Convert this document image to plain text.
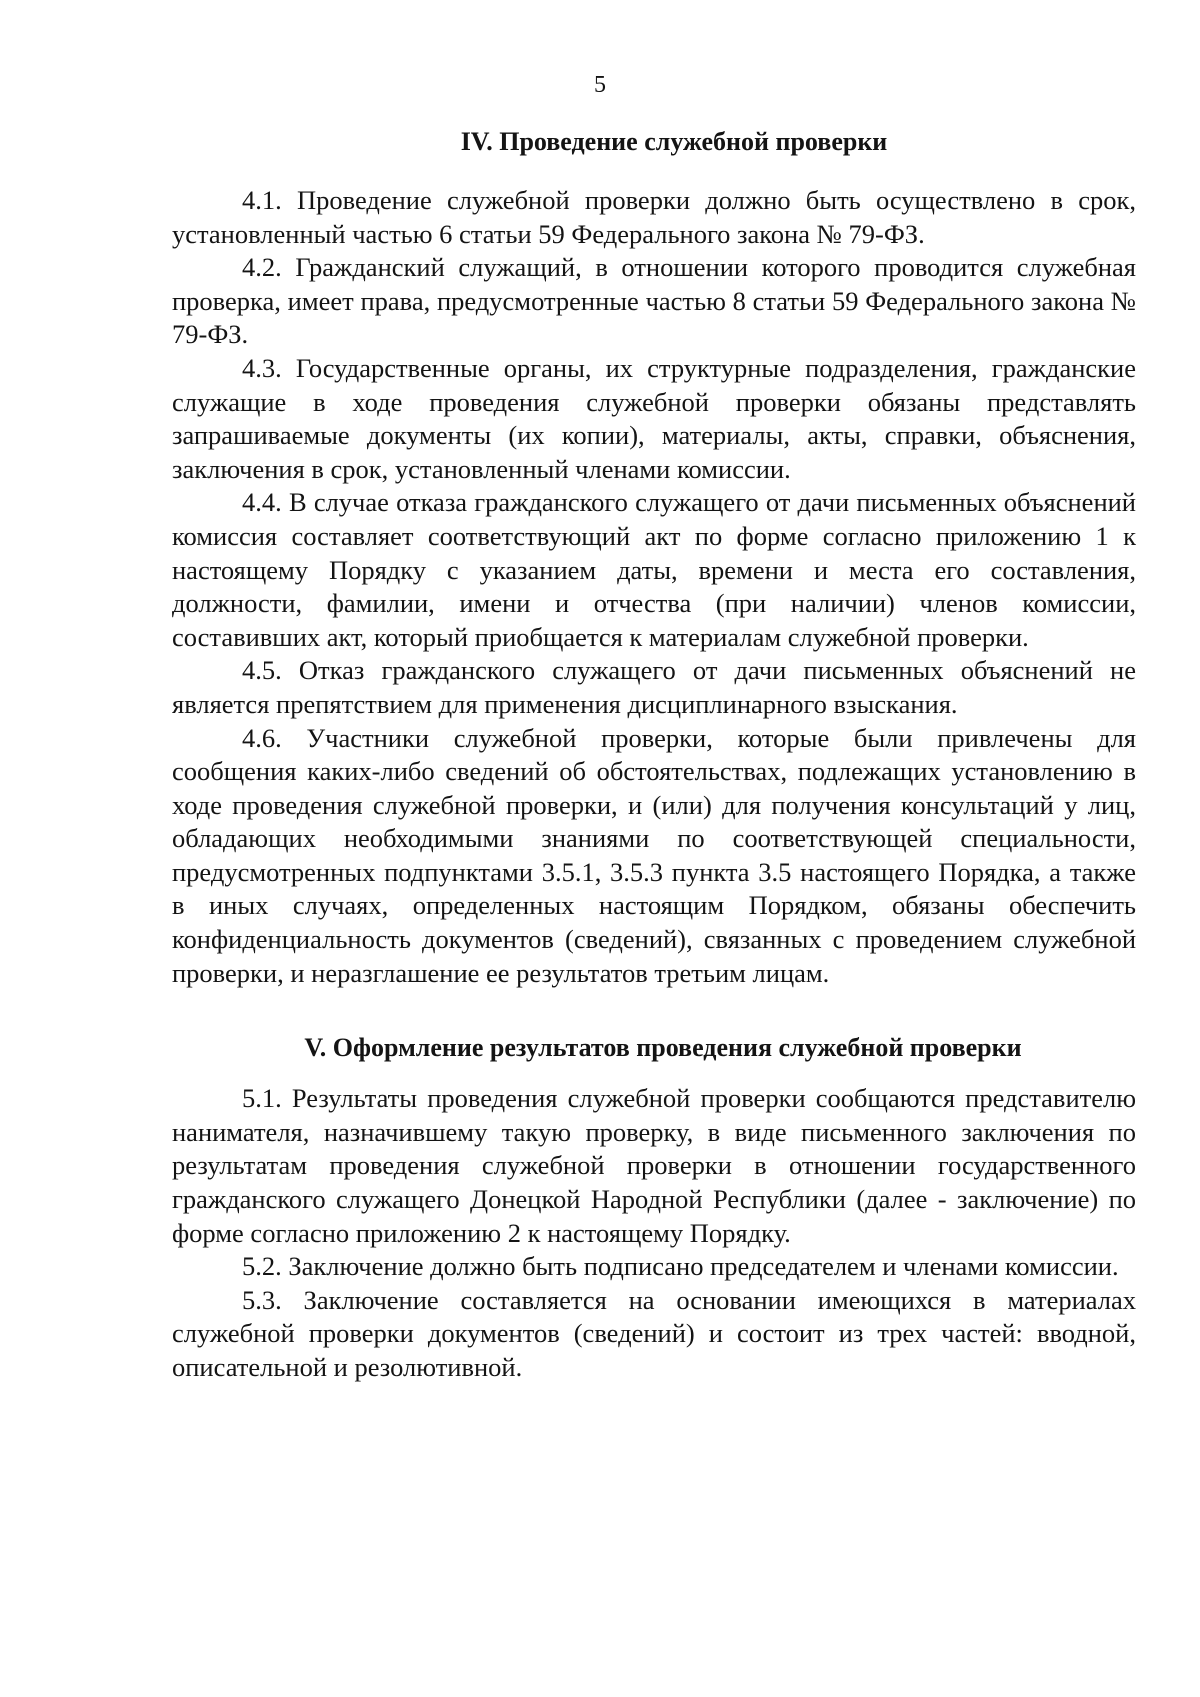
5

IV. Проведение служебной проверки

4.1. Проведение служебной проверки должно быть осуществлено в срок, установленный частью 6 статьи 59 Федерального закона № 79-ФЗ.

4.2. Гражданский служащий, в отношении которого проводится служебная проверка, имеет права, предусмотренные частью 8 статьи 59 Федерального закона № 79-ФЗ.

4.3. Государственные органы, их структурные подразделения, гражданские служащие в ходе проведения служебной проверки обязаны представлять запрашиваемые документы (их копии), материалы, акты, справки, объяснения, заключения в срок, установленный членами комиссии.

4.4. В случае отказа гражданского служащего от дачи письменных объяснений комиссия составляет соответствующий акт по форме согласно приложению 1 к настоящему Порядку с указанием даты, времени и места его составления, должности, фамилии, имени и отчества (при наличии) членов комиссии, составивших акт, который приобщается к материалам служебной проверки.

4.5. Отказ гражданского служащего от дачи письменных объяснений не является препятствием для применения дисциплинарного взыскания.

4.6. Участники служебной проверки, которые были привлечены для сообщения каких-либо сведений об обстоятельствах, подлежащих установлению в ходе проведения служебной проверки, и (или) для получения консультаций у лиц, обладающих необходимыми знаниями по соответствующей специальности, предусмотренных подпунктами 3.5.1, 3.5.3 пункта 3.5 настоящего Порядка, а также в иных случаях, определенных настоящим Порядком, обязаны обеспечить конфиденциальность документов (сведений), связанных с проведением служебной проверки, и неразглашение ее результатов третьим лицам.

V. Оформление результатов проведения служебной проверки

5.1. Результаты проведения служебной проверки сообщаются представителю нанимателя, назначившему такую проверку, в виде письменного заключения по результатам проведения служебной проверки в отношении государственного гражданского служащего Донецкой Народной Республики (далее - заключение) по форме согласно приложению 2 к настоящему Порядку.

5.2. Заключение должно быть подписано председателем и членами комиссии.

5.3. Заключение составляется на основании имеющихся в материалах служебной проверки документов (сведений) и состоит из трех частей: вводной, описательной и резолютивной.
